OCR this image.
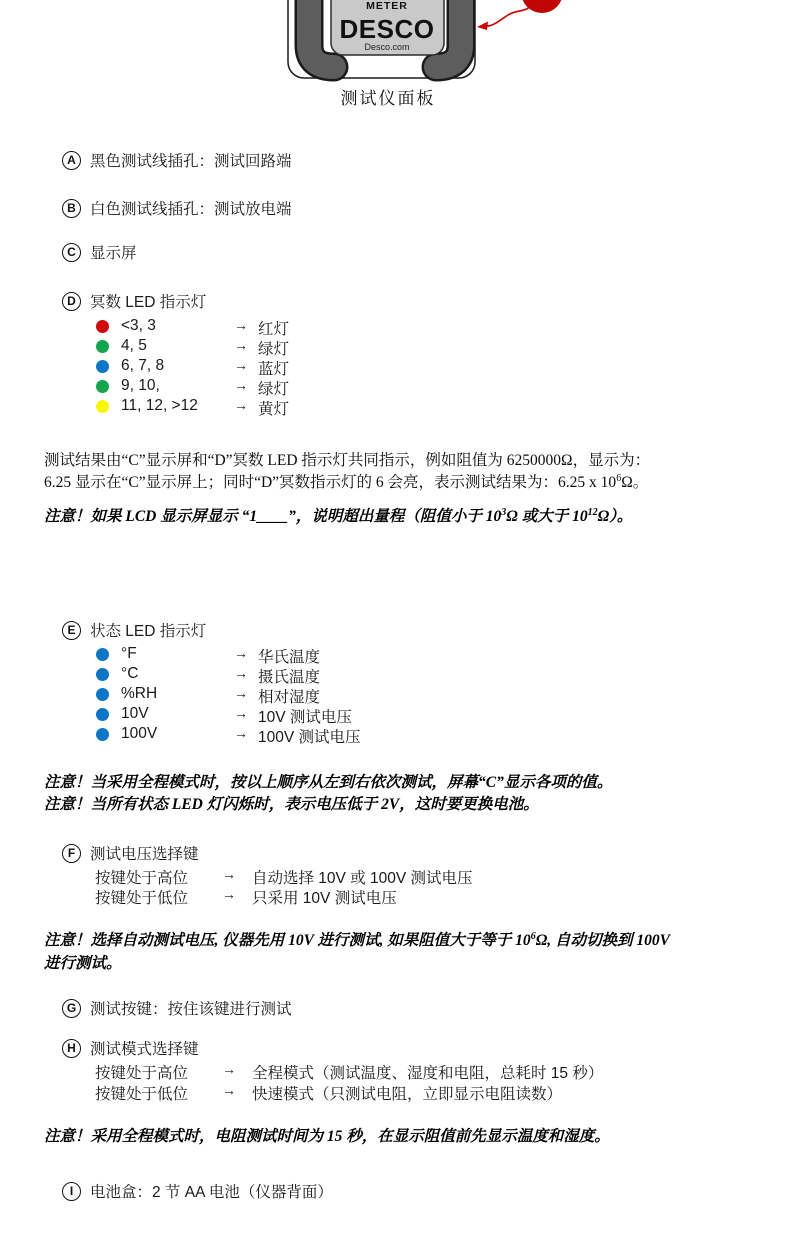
METER
DESCO
Desco.com
测试仪面板
A 黑色测试线插孔：测试回路端
B 白色测试线插孔：测试放电端
C 显示屏
D 冥数 LED 指示灯
<3, 3	→ 红灯
4, 5	→ 绿灯
6, 7, 8	→ 蓝灯
9, 10,	→ 绿灯
11, 12, >12	→ 黄灯
测试结果由“C”显示屏和“D”冥数 LED 指示灯共同指示，例如阻值为 6250000Ω，显示为：
6.25 显示在“C”显示屏上；同时“D”冥数指示灯的 6 会亮，表示测试结果为：6.25 x $10^6\Omega$。
注意！如果 LCD 显示屏显示 “1____”，说明超出量程（阻值小于 $10^3\Omega$ 或大于 $10^{12}\Omega$）。
E 状态 LED 指示灯
°F	→ 华氏温度
°C	→ 摄氏温度
%RH	→ 相对湿度
10V	→ 10V 测试电压
100V	→ 100V 测试电压
注意！当采用全程模式时，按以上顺序从左到右依次测试，屏幕“C”显示各项的值。
注意！当所有状态 LED 灯闪烁时，表示电压低于 2V，这时要更换电池。
F 测试电压选择键
按键处于高位 → 自动选择 10V 或 100V 测试电压
按键处于低位 → 只采用 10V 测试电压
注意！选择自动测试电压, 仪器先用 10V 进行测试, 如果阻值大于等于 $10^6\Omega$, 自动切换到 100V
进行测试。
G 测试按键：按住该键进行测试
H 测试模式选择键
按键处于高位 → 全程模式（测试温度、湿度和电阻，总耗时 15 秒）
按键处于低位 → 快速模式（只测试电阻，立即显示电阻读数）
注意！采用全程模式时，电阻测试时间为 15 秒，在显示阻值前先显示温度和湿度。
I	电池盒：2 节 AA 电池（仪器背面）
